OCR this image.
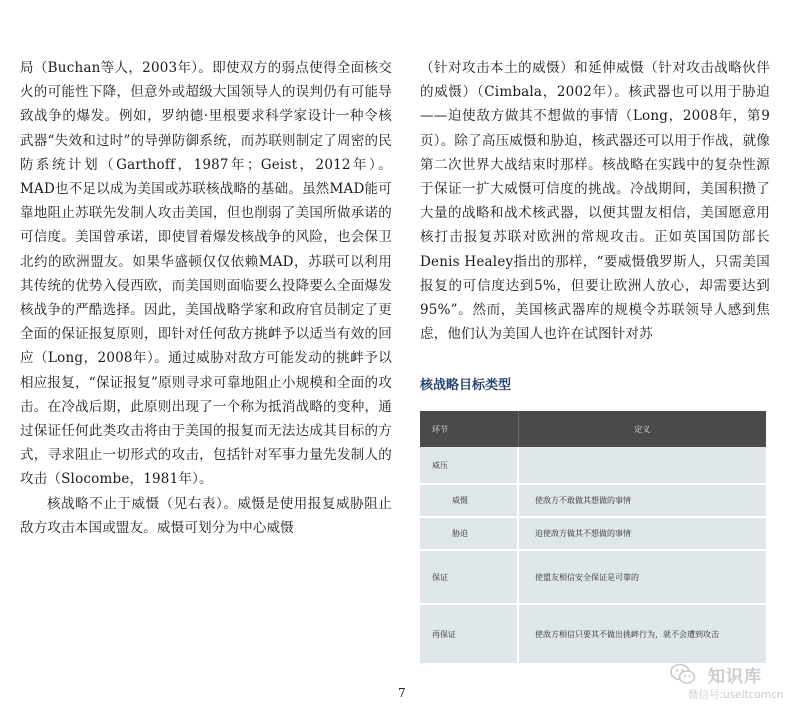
局（Buchan等人，2003年）。即使双方的弱点使得全面核交火的可能性下降，但意外或超级大国领导人的误判仍有可能导致战争的爆发。例如，罗纳德·里根要求科学家设计一种令核武器“失效和过时”的导弹防御系统，而苏联则制定了周密的民防系统计划（Garthoff，1987年；Geist，2012年）。MAD也不足以成为美国或苏联核战略的基础。虽然MAD能可靠地阻止苏联先发制人攻击美国，但也削弱了美国所做承诺的可信度。美国曾承诺，即使冒着爆发核战争的风险，也会保卫北约的欧洲盟友。如果华盛顿仅仅依赖MAD，苏联可以利用其传统的优势入侵西欧，而美国则面临要么投降要么全面爆发核战争的严酷选择。因此，美国战略学家和政府官员制定了更全面的保证报复原则，即针对任何敌方挑衅予以适当有效的回应（Long，2008年）。通过威胁对敌方可能发动的挑衅予以相应报复，“保证报复”原则寻求可靠地阻止小规模和全面的攻击。在冷战后期，此原则出现了一个称为抵消战略的变种，通过保证任何此类攻击将由于美国的报复而无法达成其目标的方式，寻求阻止一切形式的攻击，包括针对军事力量先发制人的攻击（Slocombe，1981年）。

核战略不止于威慑（见右表）。威慑是使用报复威胁阻止敌方攻击本国或盟友。威慑可划分为中心威慑

（针对攻击本土的威慑）和延伸威慑（针对攻击战略伙伴的威慑）（Cimbala，2002年）。核武器也可以用于胁迫——迫使敌方做其不想做的事情（Long，2008年，第9页）。除了高压威慑和胁迫，核武器还可以用于作战，就像第二次世界大战结束时那样。核战略在实践中的复杂性源于保证一扩大威慑可信度的挑战。冷战期间，美国积攒了大量的战略和战术核武器，以便其盟友相信，美国愿意用核打击报复苏联对欧洲的常规攻击。正如英国国防部长Denis Healey指出的那样，“要威慑俄罗斯人，只需美国报复的可信度达到5%，但要让欧洲人放心，却需要达到95%”。然而，美国核武器库的规模令苏联领导人感到焦虑，他们认为美国人也许在试图针对苏

核战略目标类型
环节	定义
威压	
威慑	使敌方不敢做其想做的事情
胁迫	迫使敌方做其不想做的事情
保证	使盟友相信安全保证是可靠的
再保证	使敌方相信只要其不做出挑衅行为，就不会遭到攻击
7
知识库
微信号:useitcomcn
